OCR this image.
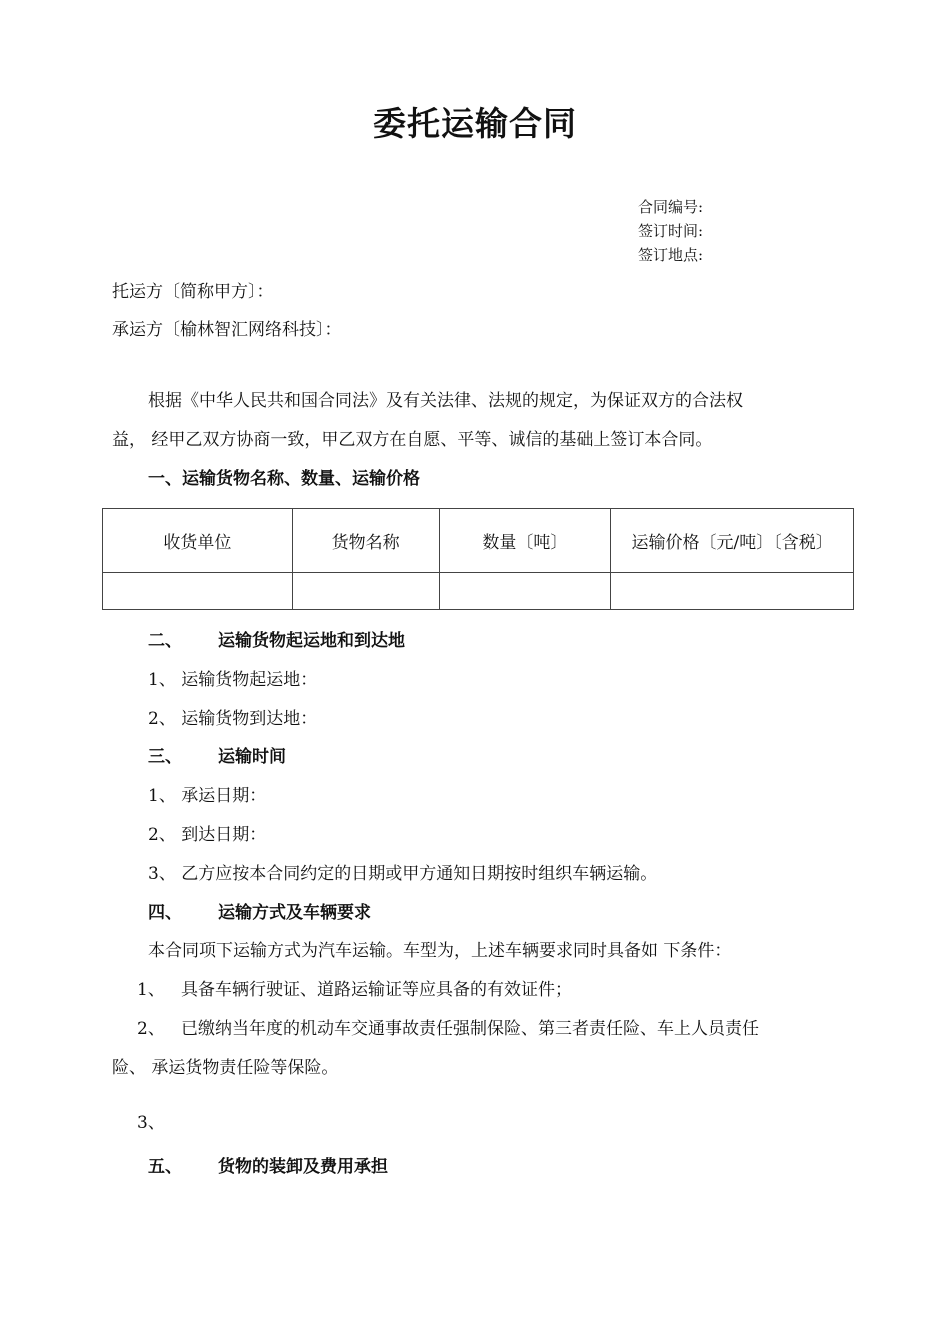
委托运输合同
合同编号:
签订时间:
签订地点:
托运方〔简称甲方〕：
承运方〔榆林智汇网络科技〕：
根据《中华人民共和国合同法》及有关法律、法规的规定，为保证双方的合法权
益， 经甲乙双方协商一致，甲乙双方在自愿、平等、诚信的基础上签订本合同。
一、运输货物名称、数量、运输价格
收货单位	货物名称	数量〔吨〕	运输价格〔元/吨〕〔含税〕

二、 运输货物起运地和到达地
1、 运输货物起运地：
2、 运输货物到达地：
三、 运输时间
1、 承运日期：
2、 到达日期：
3、 乙方应按本合同约定的日期或甲方通知日期按时组织车辆运输。
四、 运输方式及车辆要求
本合同项下运输方式为汽车运输。车型为，上述车辆要求同时具备如 下条件：
1、 具备车辆行驶证、道路运输证等应具备的有效证件；
2、 已缴纳当年度的机动车交通事故责任强制保险、第三者责任险、车上人员责任
险、 承运货物责任险等保险。
3、
五、 货物的装卸及费用承担
